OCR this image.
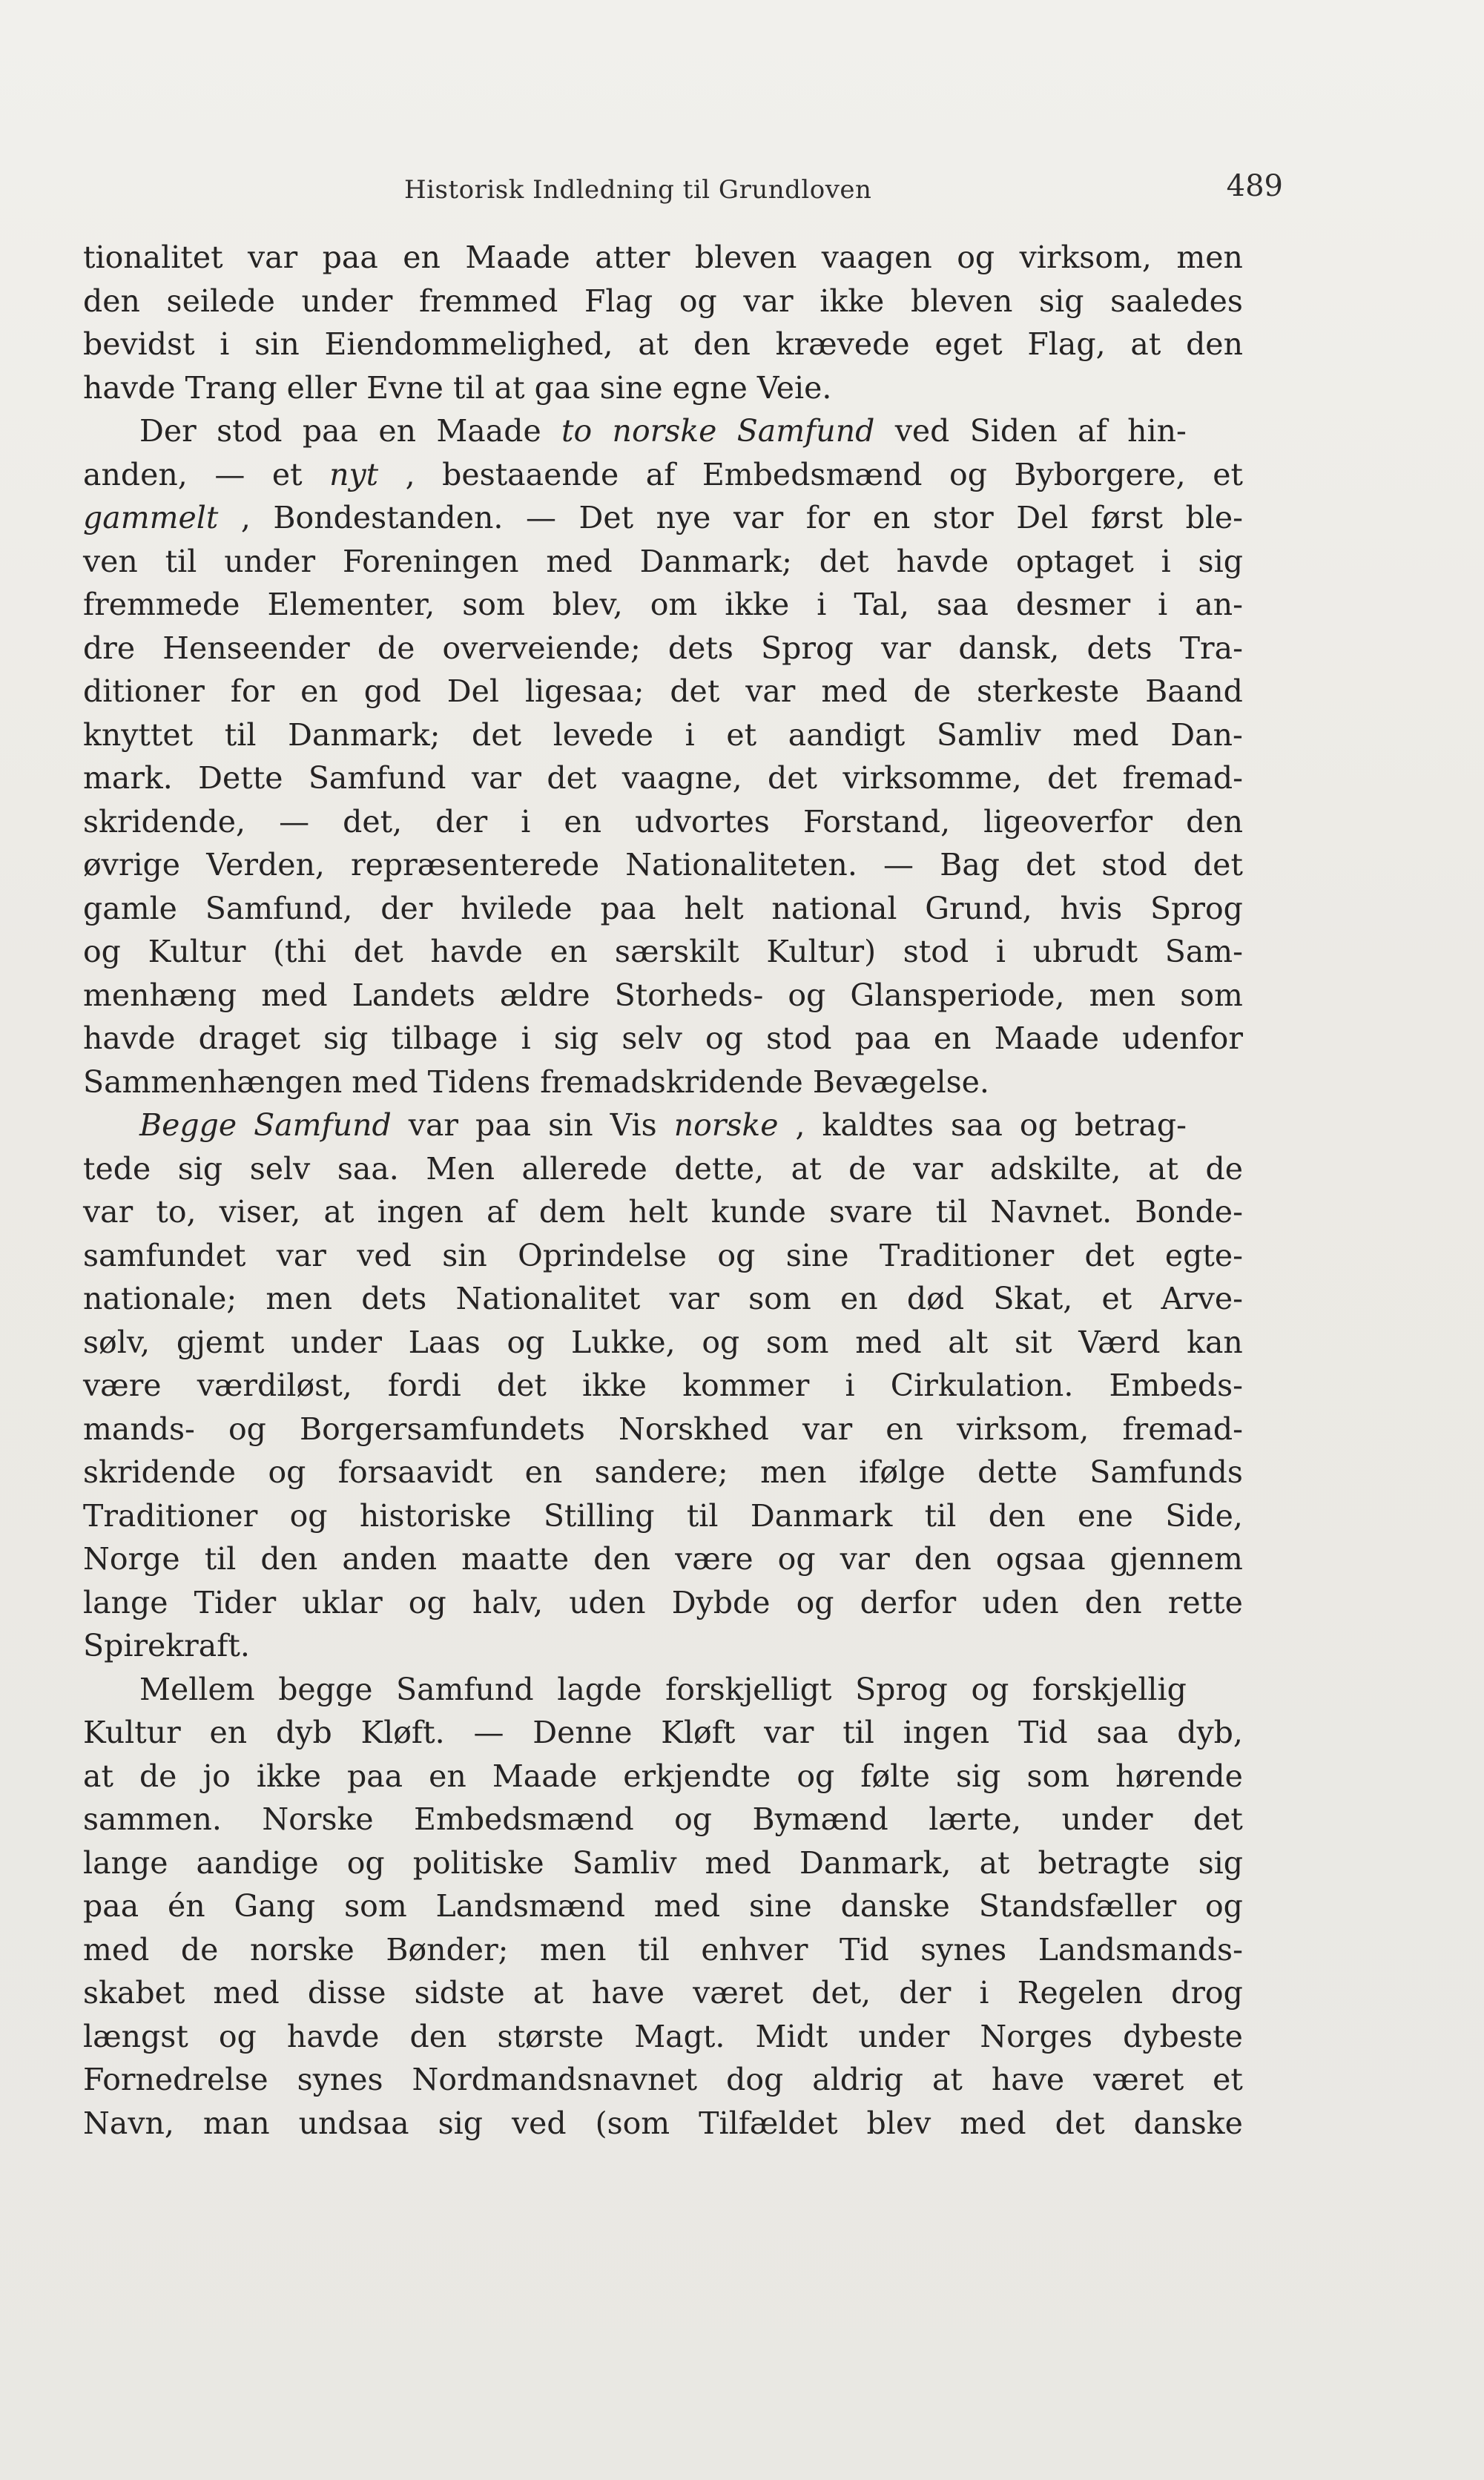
Historisk Indledning til Grundloven	489
tionalitet var paa en Maade atter bleven vaagen og virksom, men
den seilede under fremmed Flag og var ikke bleven sig saaledes
bevidst i sin Eiendommelighed, at den krævede eget Flag, at den
havde Trang eller Evne til at gaa sine egne Veie.
Der stod paa en Maade to norske Samfund ved Siden af hin-
anden, — et nyt , bestaaende af Embedsmænd og Byborgere, et
gammelt , Bondestanden. — Det nye var for en stor Del først ble-
ven til under Foreningen med Danmark; det havde optaget i sig
fremmede Elementer, som blev, om ikke i Tal, saa desmer i an-
dre Henseender de overveiende; dets Sprog var dansk, dets Tra-
ditioner for en god Del ligesaa; det var med de sterkeste Baand
knyttet til Danmark; det levede i et aandigt Samliv med Dan-
mark. Dette Samfund var det vaagne, det virksomme, det fremad-
skridende, — det, der i en udvortes Forstand, ligeoverfor den
øvrige Verden, repræsenterede Nationaliteten. — Bag det stod det
gamle Samfund, der hvilede paa helt national Grund, hvis Sprog
og Kultur (thi det havde en særskilt Kultur) stod i ubrudt Sam-
menhæng med Landets ældre Storheds- og Glansperiode, men som
havde draget sig tilbage i sig selv og stod paa en Maade udenfor
Sammenhængen med Tidens fremadskridende Bevægelse.
Begge Samfund var paa sin Vis norske , kaldtes saa og betrag-
tede sig selv saa. Men allerede dette, at de var adskilte, at de
var to, viser, at ingen af dem helt kunde svare til Navnet. Bonde-
samfundet var ved sin Oprindelse og sine Traditioner det egte-
nationale; men dets Nationalitet var som en død Skat, et Arve-
sølv, gjemt under Laas og Lukke, og som med alt sit Værd kan
være værdiløst, fordi det ikke kommer i Cirkulation. Embeds-
mands- og Borgersamfundets Norskhed var en virksom, fremad-
skridende og forsaavidt en sandere; men ifølge dette Samfunds
Traditioner og historiske Stilling til Danmark til den ene Side,
Norge til den anden maatte den være og var den ogsaa gjennem
lange Tider uklar og halv, uden Dybde og derfor uden den rette
Spirekraft.
Mellem begge Samfund lagde forskjelligt Sprog og forskjellig
Kultur en dyb Kløft. — Denne Kløft var til ingen Tid saa dyb,
at de jo ikke paa en Maade erkjendte og følte sig som hørende
sammen. Norske Embedsmænd og Bymænd lærte, under det
lange aandige og politiske Samliv med Danmark, at betragte sig
paa én Gang som Landsmænd med sine danske Standsfæller og
med de norske Bønder; men til enhver Tid synes Landsmands-
skabet med disse sidste at have været det, der i Regelen drog
længst og havde den største Magt. Midt under Norges dybeste
Fornedrelse synes Nordmandsnavnet dog aldrig at have været et
Navn, man undsaa sig ved (som Tilfældet blev med det danske
